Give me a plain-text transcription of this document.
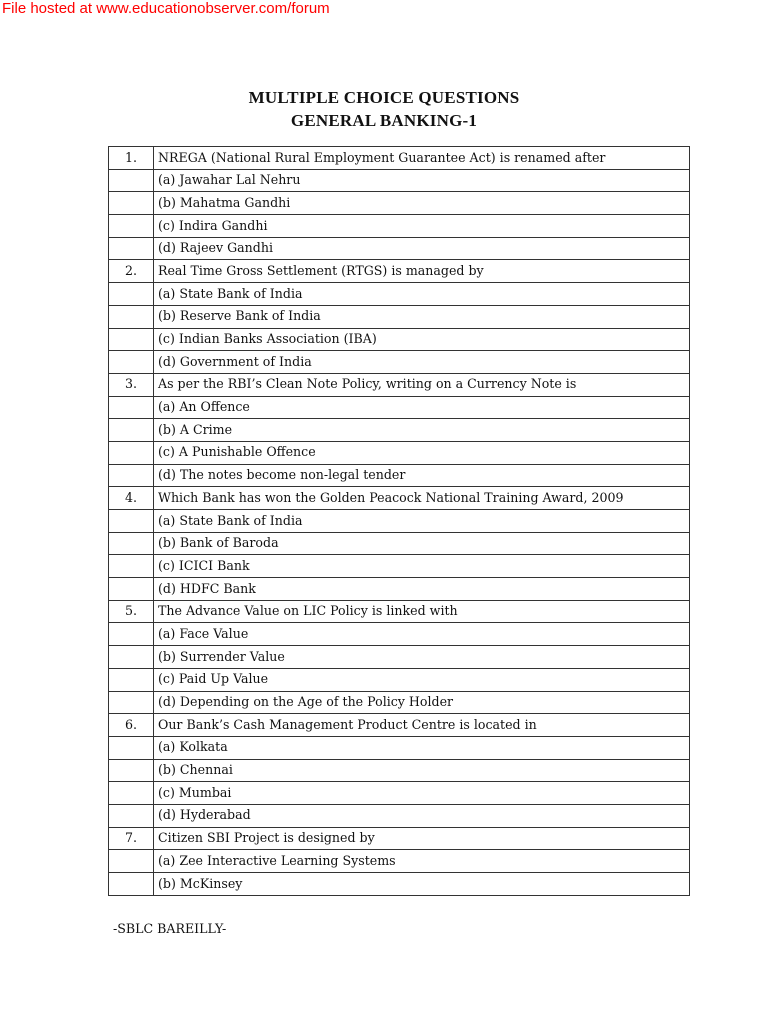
File hosted at www.educationobserver.com/forum
MULTIPLE CHOICE QUESTIONS
GENERAL BANKING-1
1.	NREGA (National Rural Employment Guarantee Act) is renamed after
	(a) Jawahar Lal Nehru
	(b) Mahatma Gandhi
	(c) Indira Gandhi
	(d) Rajeev Gandhi
2.	Real Time Gross Settlement (RTGS) is managed by
	(a) State Bank of India
	(b) Reserve Bank of India
	(c) Indian Banks Association (IBA)
	(d) Government of India
3.	As per the RBI’s Clean Note Policy, writing on a Currency Note is
	(a) An Offence
	(b) A Crime
	(c) A Punishable Offence
	(d) The notes become non-legal tender
4.	Which Bank has won the Golden Peacock National Training Award, 2009
	(a) State Bank of India
	(b) Bank of Baroda
	(c) ICICI Bank
	(d) HDFC Bank
5.	The Advance Value on LIC Policy is linked with
	(a) Face Value
	(b) Surrender Value
	(c) Paid Up Value
	(d) Depending on the Age of the Policy Holder
6.	Our Bank’s Cash Management Product Centre is located in
	(a) Kolkata
	(b) Chennai
	(c) Mumbai
	(d) Hyderabad
7.	Citizen SBI Project is designed by
	(a) Zee Interactive Learning Systems
	(b) McKinsey
-SBLC BAREILLY-
